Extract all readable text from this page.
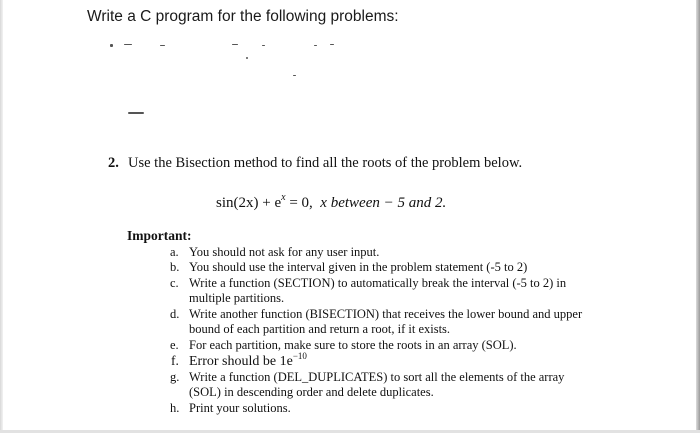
Write a C program for the following problems:
2. Use the Bisection method to find all the roots of the problem below.
$\sin(2x) + e^x = 0$, x between − 5 and 2.
Important:
a. You should not ask for any user input.
b. You should use the interval given in the problem statement (-5 to 2)
c. Write a function (SECTION) to automatically break the interval (-5 to 2) in
multiple partitions.
d. Write another function (BISECTION) that receives the lower bound and upper
bound of each partition and return a root, if it exists.
e. For each partition, make sure to store the roots in an array (SOL).
f. Error should be $1e^{-10}$
g. Write a function (DEL_DUPLICATES) to sort all the elements of the array
(SOL) in descending order and delete duplicates.
h. Print your solutions.
